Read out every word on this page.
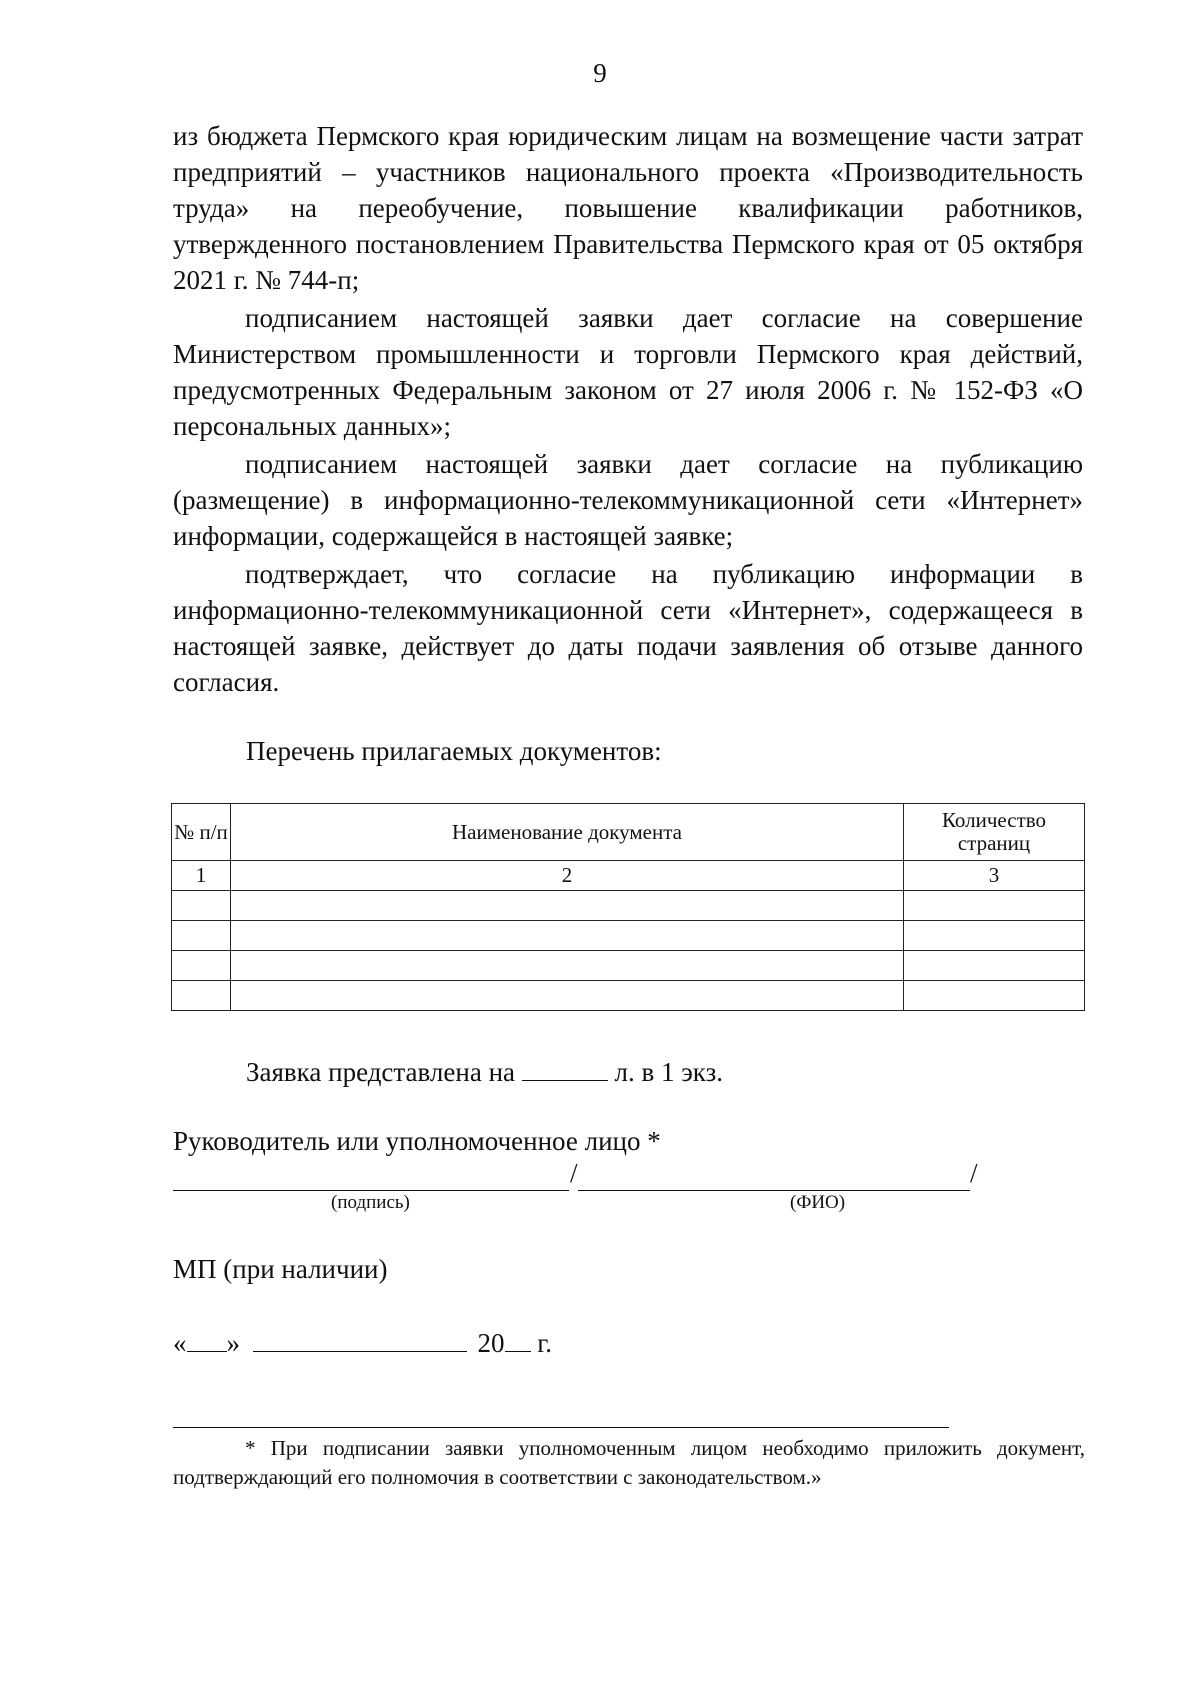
9

из бюджета Пермского края юридическим лицам на возмещение части затрат предприятий – участников национального проекта «Производительность труда» на переобучение, повышение квалификации работников, утвержденного постановлением Правительства Пермского края от 05 октября 2021 г. № 744-п;

подписанием настоящей заявки дает согласие на совершение Министерством промышленности и торговли Пермского края действий, предусмотренных Федеральным законом от 27 июля 2006 г. № 152-ФЗ «О персональных данных»;

подписанием настоящей заявки дает согласие на публикацию (размещение) в информационно-телекоммуникационной сети «Интернет» информации, содержащейся в настоящей заявке;

подтверждает, что согласие на публикацию информации в информационно-телекоммуникационной сети «Интернет», содержащееся в настоящей заявке, действует до даты подачи заявления об отзыве данного согласия.

Перечень прилагаемых документов:
№ п/п	Наименование документа	Количество страниц
1	2	3

Заявка представлена на	л. в 1 экз.
Руководитель или уполномоченное лицо *
/	/
(подпись)	(ФИО)
МП (при наличии)
« »	20 г.
* При подписании заявки уполномоченным лицом необходимо приложить документ, подтверждающий его полномочия в соответствии с законодательством.»
